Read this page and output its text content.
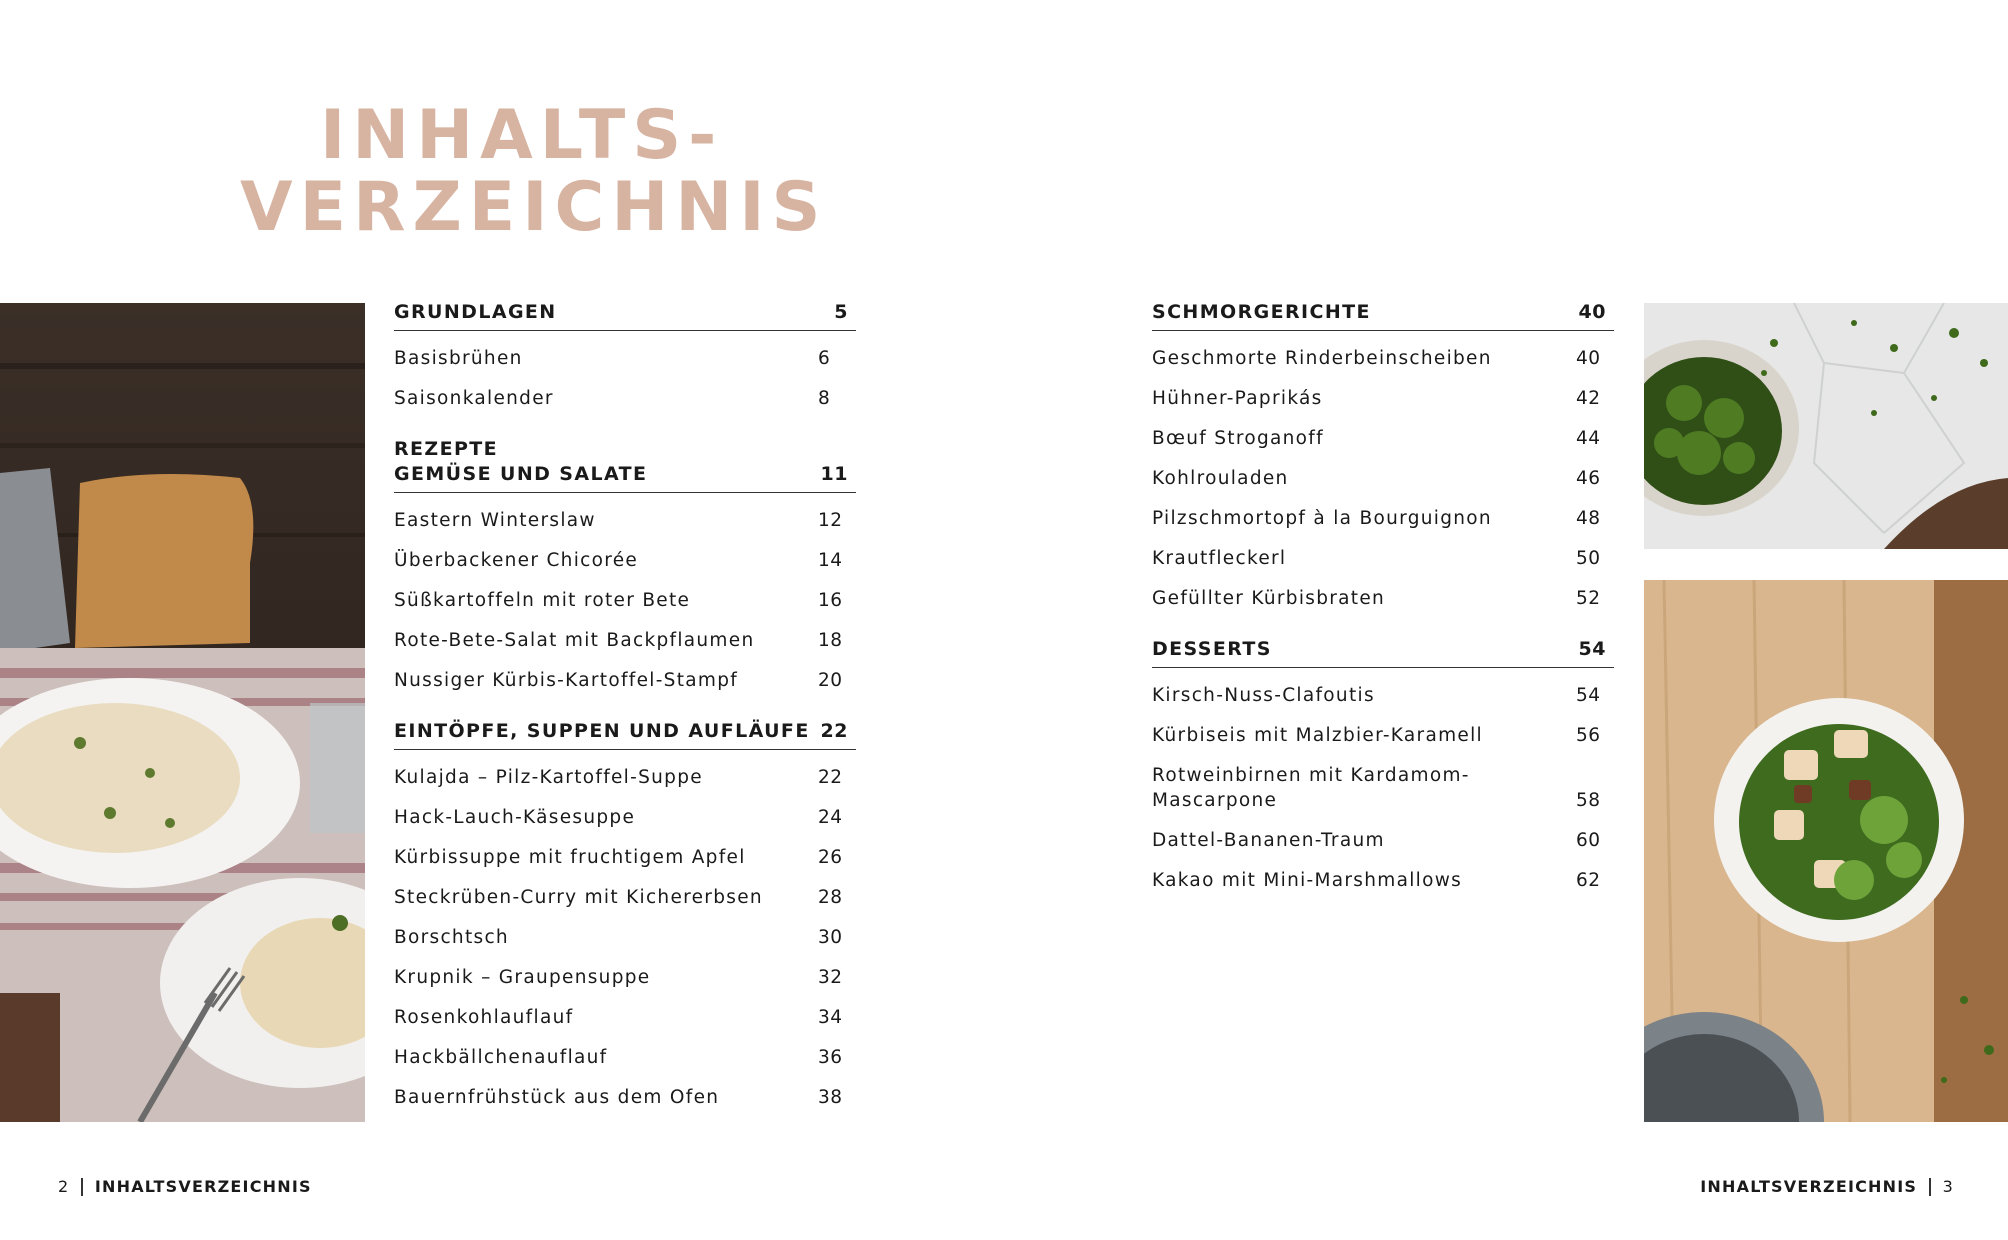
INHALTS-
VERZEICHNIS
GRUNDLAGEN	5
Basisbrühen	6
Saisonkalender	8
REZEPTE
GEMÜSE UND SALATE	11
Eastern Winterslaw	12
Überbackener Chicorée	14
Süßkartoffeln mit roter Bete	16
Rote-Bete-Salat mit Backpflaumen	18
Nussiger Kürbis-Kartoffel-Stampf	20
EINTÖPFE, SUPPEN UND AUFLÄUFE 22
Kulajda – Pilz-Kartoffel-Suppe	22
Hack-Lauch-Käsesuppe	24
Kürbissuppe mit fruchtigem Apfel	26
Steckrüben-Curry mit Kichererbsen	28
Borschtsch	30
Krupnik – Graupensuppe	32
Rosenkohlauflauf	34
Hackbällchenauflauf	36
Bauernfrühstück aus dem Ofen	38
SCHMORGERICHTE	40
Geschmorte Rinderbeinscheiben	40
Hühner-Paprikás	42
Bœuf Stroganoff	44
Kohlrouladen	46
Pilzschmortopf à la Bourguignon	48
Krautfleckerl	50
Gefüllter Kürbisbraten	52
DESSERTS	54
Kirsch-Nuss-Clafoutis	54
Kürbiseis mit Malzbier-Karamell	56
Rotweinbirnen mit Kardamom-Mascarpone	58
Dattel-Bananen-Traum	60
Kakao mit Mini-Marshmallows	62
2 INHALTSVERZEICHNIS	INHALTSVERZEICHNIS 3
